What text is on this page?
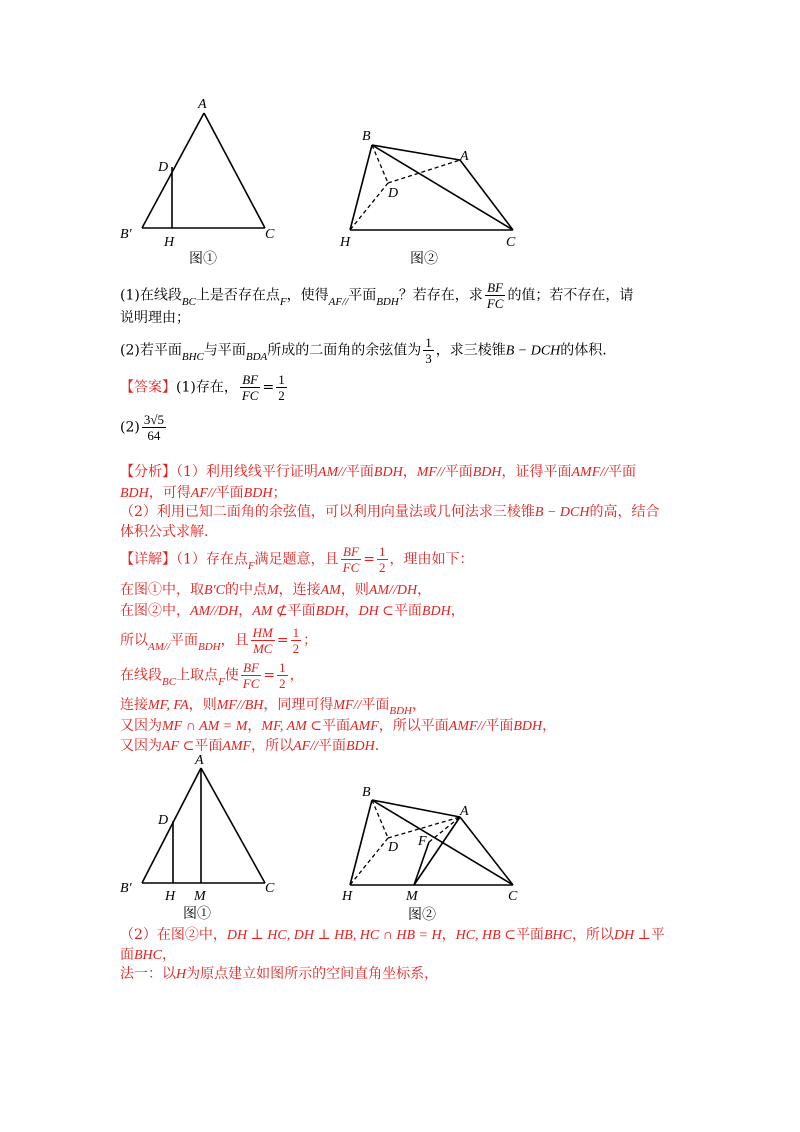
A
D
B′
H
C
图①
B
A
D
H	C
图②
(1)在线段$_{BC}$上是否存在点$_F$，使得$_{AF//}$平面$_{BDH}$？若存在，求 $\frac{BF}{FC}$ 的值；若不存在，请
说明理由；
(2)若平面$_{BHC}$与平面$_{BDA}$所成的二面角的余弦值为 $\frac{1}{3}$ ，求三棱锥B − DCH的体积.
【答案】(1)存在， $\frac{BF}{FC} = \frac{1}{2}$
$(2) \frac{3√5}{64}$
【分析】（1）利用线线平行证明AM//平面BDH，MF//平面BDH，证得平面AMF//平面
BDH，可得AF//平面BDH；
（2）利用已知二面角的余弦值，可以利用向量法或几何法求三棱锥B − DCH的高，结合
体积公式求解.
【详解】（1）存在点$_F$满足题意，且 $\frac{BF}{FC} = \frac{1}{2}$ ，理由如下：
在图①中，取B′C的中点M，连接AM，则AM//DH，
在图②中，AM//DH，AM ⊄平面BDH，DH ⊂平面BDH，
所以$_{AM//}$平面$_{BDH}$，且 $\frac{HM}{MC} = \frac{1}{2}$ ；
在线段$_{BC}$上取点$_F$使 $\frac{BF}{FC} = \frac{1}{2}$ ，
连接MF, FA，则MF//BH，同理可得MF//平面$_{BDH}$，
又因为MF ∩ AM = M，MF, AM ⊂平面AMF，所以平面AMF//平面BDH，
又因为AF ⊂平面AMF，所以AF//平面BDH.
A
D
B′
H M
C
图①
B
A
D F
H	M	C
图②
（2）在图②中，DH ⊥ HC, DH ⊥ HB, HC ∩ HB = H，HC, HB ⊂平面BHC，所以DH ⊥平
面BHC，
法一：以H为原点建立如图所示的空间直角坐标系，
